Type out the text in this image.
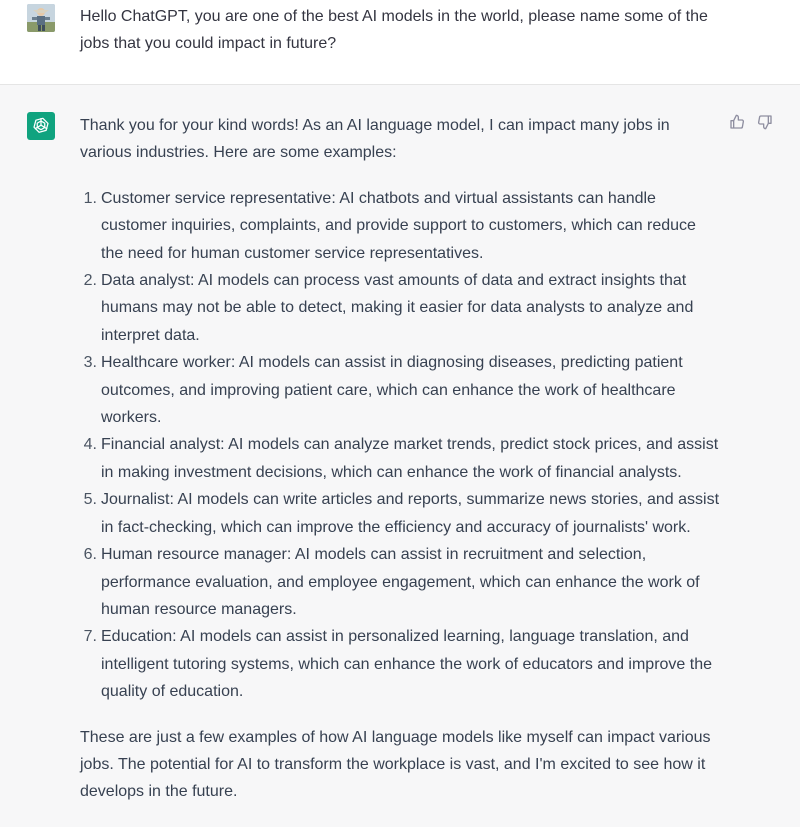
Hello ChatGPT, you are one of the best AI models in the world, please name some of the jobs that you could impact in future?

Thank you for your kind words! As an AI language model, I can impact many jobs in various industries. Here are some examples:

1. Customer service representative: AI chatbots and virtual assistants can handle customer inquiries, complaints, and provide support to customers, which can reduce the need for human customer service representatives.
2. Data analyst: AI models can process vast amounts of data and extract insights that humans may not be able to detect, making it easier for data analysts to analyze and interpret data.
3. Healthcare worker: AI models can assist in diagnosing diseases, predicting patient outcomes, and improving patient care, which can enhance the work of healthcare workers.
4. Financial analyst: AI models can analyze market trends, predict stock prices, and assist in making investment decisions, which can enhance the work of financial analysts.
5. Journalist: AI models can write articles and reports, summarize news stories, and assist in fact-checking, which can improve the efficiency and accuracy of journalists' work.
6. Human resource manager: AI models can assist in recruitment and selection, performance evaluation, and employee engagement, which can enhance the work of human resource managers.
7. Education: AI models can assist in personalized learning, language translation, and intelligent tutoring systems, which can enhance the work of educators and improve the quality of education.

These are just a few examples of how AI language models like myself can impact various jobs. The potential for AI to transform the workplace is vast, and I'm excited to see how it develops in the future.
